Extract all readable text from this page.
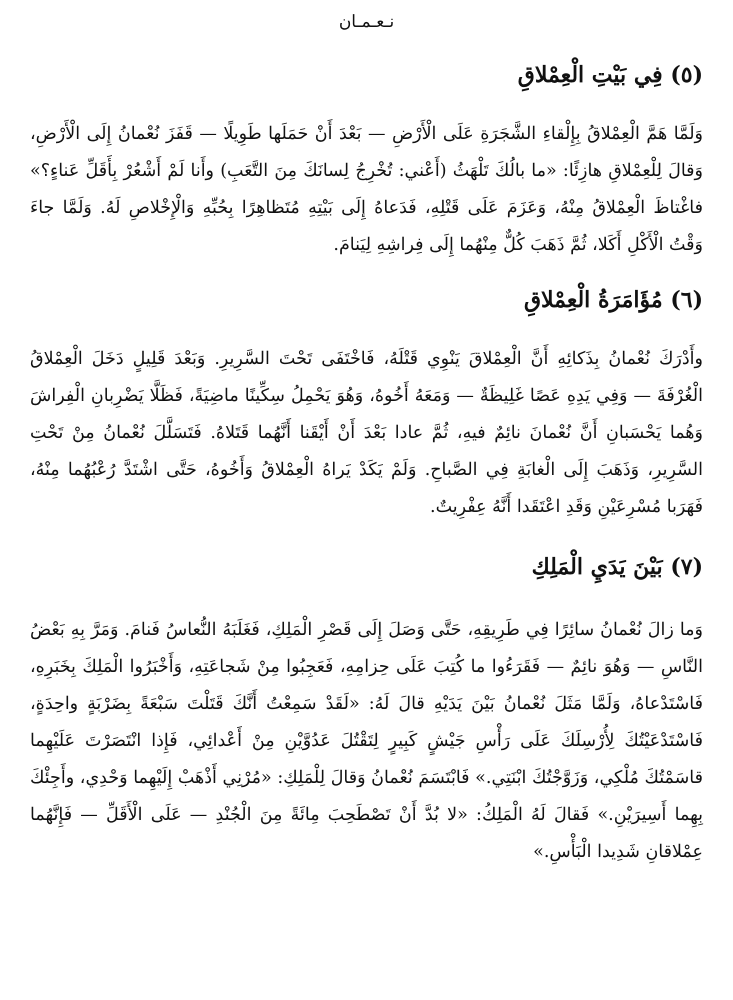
نـعـمـان
(٥) فِي بَيْتِ الْعِمْلاقِ

وَلَمَّا هَمَّ الْعِمْلاقُ بِإِلْقاءِ الشَّجَرَةِ عَلَى الْأَرْضِ — بَعْدَ أَنْ حَمَلَها طَوِيلًا — قَفَزَ نُعْمانُ إِلَى الْأَرْضِ، وَقالَ لِلْعِمْلاقِ هازِئًا: «ما بالُكَ تَلْهَثُ (أَعْني: تُخْرِجُ لِسانَكَ مِنَ التَّعَبِ) وأَنا لَمْ أَشْعُرْ بِأَقَلِّ عَناءٍ؟» فاغْتاظَ الْعِمْلاقُ مِنْهُ، وَعَزَمَ عَلَى قَتْلِهِ، فَدَعاهُ إِلَى بَيْتِهِ مُتَظاهِرًا بِحُبِّهِ وَالْإِخْلاصِ لَهُ. وَلَمَّا جاءَ وَقْتُ الْأَكْلِ أَكَلا، ثُمَّ ذَهَبَ كُلٌّ مِنْهُما إِلَى فِراشِهِ لِيَنامَ.

(٦) مُؤَامَرَةُ الْعِمْلاقِ

وأَدْرَكَ نُعْمانُ بِذَكائِهِ أَنَّ الْعِمْلاقَ يَنْوِي قَتْلَهُ، فَاخْتَفَى تَحْتَ السَّرِيرِ. وَبَعْدَ قَلِيلٍ دَخَلَ الْعِمْلاقُ الْغُرْفَةَ — وَفِي يَدِهِ عَصًا غَلِيظَةٌ — وَمَعَهُ أَخُوهُ، وَهُوَ يَحْمِلُ سِكِّينًا ماضِيَةً، فَظَلَّا يَضْرِبانِ الْفِراشَ وَهُما يَحْسَبانِ أَنَّ نُعْمانَ نائِمٌ فيهِ، ثُمَّ عادا بَعْدَ أَنْ أَيْقَنا أَنَّهُما قَتَلاهُ. فَتَسَلَّلَ نُعْمانُ مِنْ تَحْتِ السَّرِيرِ، وَذَهَبَ إِلَى الْغابَةِ فِي الصَّباحِ. وَلَمْ يَكَدْ يَراهُ الْعِمْلاقُ وَأَخُوهُ، حَتَّى اشْتَدَّ رُعْبُهُما مِنْهُ، فَهَرَبا مُسْرِعَيْنِ وَقَدِ اعْتَقَدا أَنَّهُ عِفْرِيتٌ.

(٧) بَيْنَ يَدَيِ الْمَلِكِ

وَما زالَ نُعْمانُ سائِرًا فِي طَرِيقِهِ، حَتَّى وَصَلَ إِلَى قَصْرِ الْمَلِكِ، فَغَلَبَهُ النُّعاسُ فَنامَ. وَمَرَّ بِهِ بَعْضُ النَّاسِ — وَهُوَ نائِمٌ — فَقَرَءُوا ما كُتِبَ عَلَى حِزامِهِ، فَعَجِبُوا مِنْ شَجاعَتِهِ، وَأَخْبَرُوا الْمَلِكَ بِخَبَرِهِ، فَاسْتَدْعاهُ، وَلَمَّا مَثَلَ نُعْمانُ بَيْنَ يَدَيْهِ قالَ لَهُ: «لَقَدْ سَمِعْتُ أَنَّكَ قَتَلْتَ سَبْعَةً بِضَرْبَةٍ واحِدَةٍ، فَاسْتَدْعَيْتُكَ لِأُرْسِلَكَ عَلَى رَأْسِ جَيْشٍ كَبِيرٍ لِتَقْتُلَ عَدُوَّيْنِ مِنْ أَعْدائِي، فَإِذا انْتَصَرْتَ عَلَيْهِما قاسَمْتُكَ مُلْكِي، وَزَوَّجْتُكَ ابْنَتِي.» فَابْتَسَمَ نُعْمانُ وَقالَ لِلْمَلِكِ: «مُرْنِي أَذْهَبْ إِلَيْهِما وَحْدِي، وأَجِئْكَ بِهِما أَسِيرَيْنِ.» فَقالَ لَهُ الْمَلِكُ: «لا بُدَّ أَنْ تَصْطَحِبَ مِائَةً مِنَ الْجُنْدِ — عَلَى الْأَقَلِّ — فَإِنَّهُما عِمْلاقانِ شَدِيدا الْبَأْسِ.»
